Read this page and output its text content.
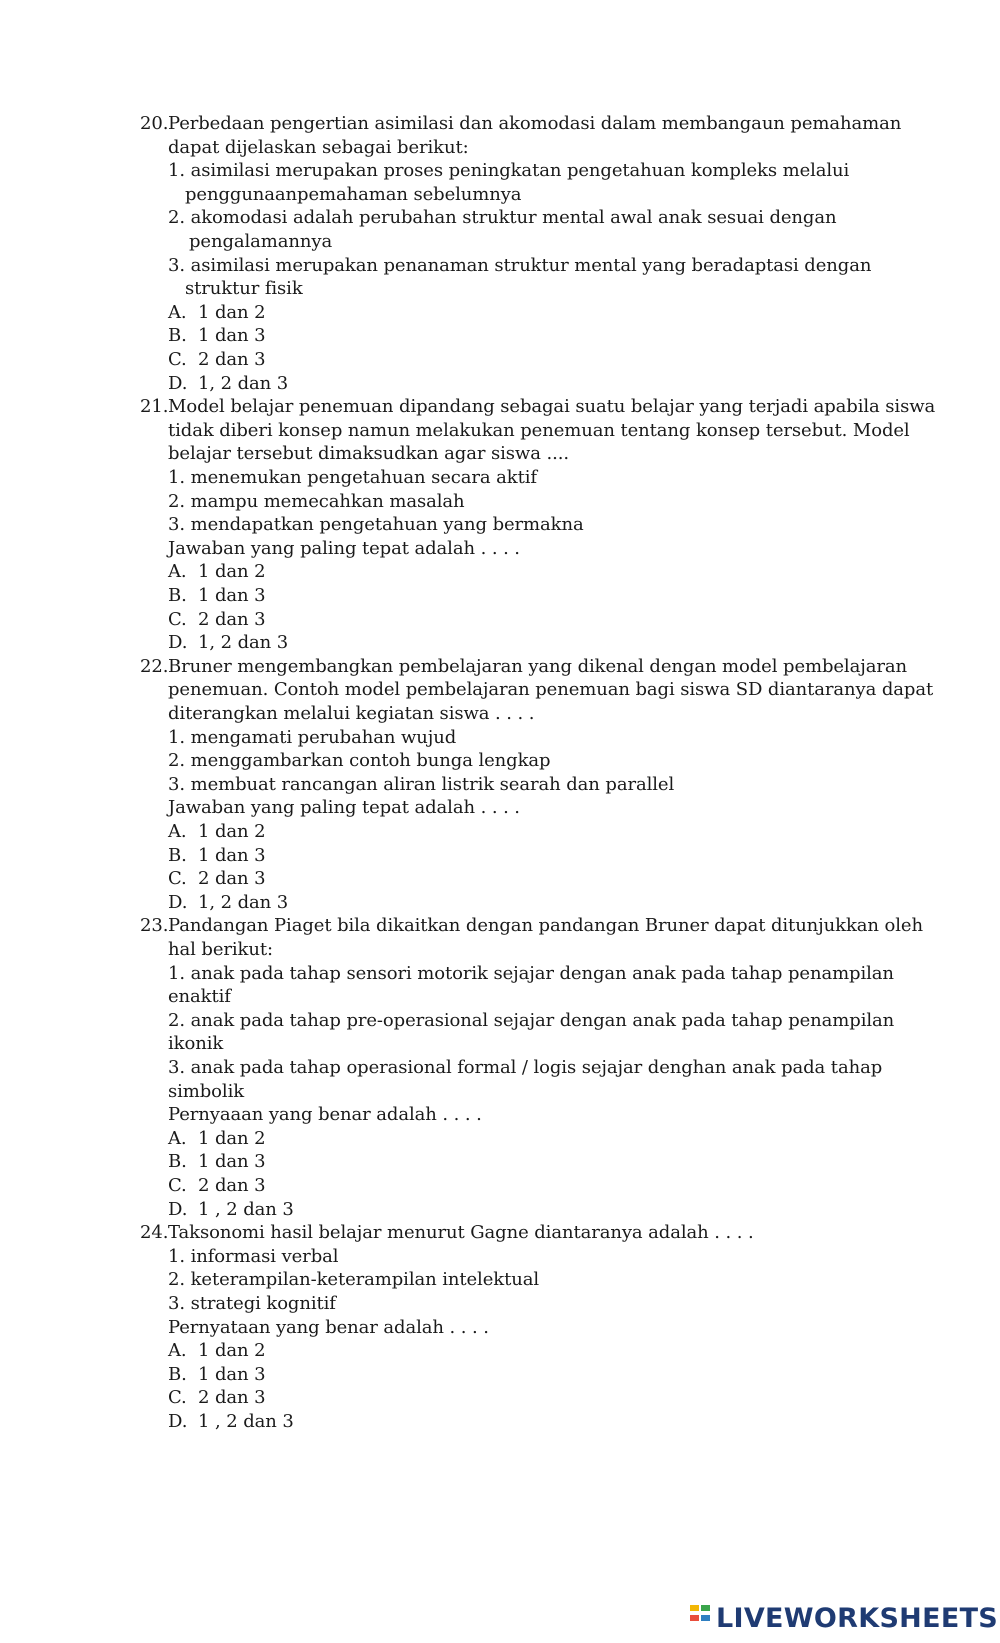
20. Perbedaan pengertian asimilasi dan akomodasi dalam membangaun pemahaman
dapat dijelaskan sebagai berikut:
1. asimilasi merupakan proses peningkatan pengetahuan kompleks melalui
penggunaanpemahaman sebelumnya
2. akomodasi adalah perubahan struktur mental awal anak sesuai dengan
pengalamannya
3. asimilasi merupakan penanaman struktur mental yang beradaptasi dengan
struktur fisik
A. 1 dan 2
B. 1 dan 3
C. 2 dan 3
D. 1, 2 dan 3
21. Model belajar penemuan dipandang sebagai suatu belajar yang terjadi apabila siswa
tidak diberi konsep namun melakukan penemuan tentang konsep tersebut. Model
belajar tersebut dimaksudkan agar siswa ....
1. menemukan pengetahuan secara aktif
2. mampu memecahkan masalah
3. mendapatkan pengetahuan yang bermakna
Jawaban yang paling tepat adalah . . . .
A. 1 dan 2
B. 1 dan 3
C. 2 dan 3
D. 1, 2 dan 3
22. Bruner mengembangkan pembelajaran yang dikenal dengan model pembelajaran
penemuan. Contoh model pembelajaran penemuan bagi siswa SD diantaranya dapat
diterangkan melalui kegiatan siswa . . . .
1. mengamati perubahan wujud
2. menggambarkan contoh bunga lengkap
3. membuat rancangan aliran listrik searah dan parallel
Jawaban yang paling tepat adalah . . . .
A. 1 dan 2
B. 1 dan 3
C. 2 dan 3
D. 1, 2 dan 3
23. Pandangan Piaget bila dikaitkan dengan pandangan Bruner dapat ditunjukkan oleh
hal berikut:
1. anak pada tahap sensori motorik sejajar dengan anak pada tahap penampilan
enaktif
2. anak pada tahap pre-operasional sejajar dengan anak pada tahap penampilan
ikonik
3. anak pada tahap operasional formal / logis sejajar denghan anak pada tahap
simbolik
Pernyaaan yang benar adalah . . . .
A. 1 dan 2
B. 1 dan 3
C. 2 dan 3
D. 1 , 2 dan 3
24. Taksonomi hasil belajar menurut Gagne diantaranya adalah . . . .
1. informasi verbal
2. keterampilan-keterampilan intelektual
3. strategi kognitif
Pernyataan yang benar adalah . . . .
A. 1 dan 2
B. 1 dan 3
C. 2 dan 3
D. 1 , 2 dan 3
LIVEWORKSHEETS
